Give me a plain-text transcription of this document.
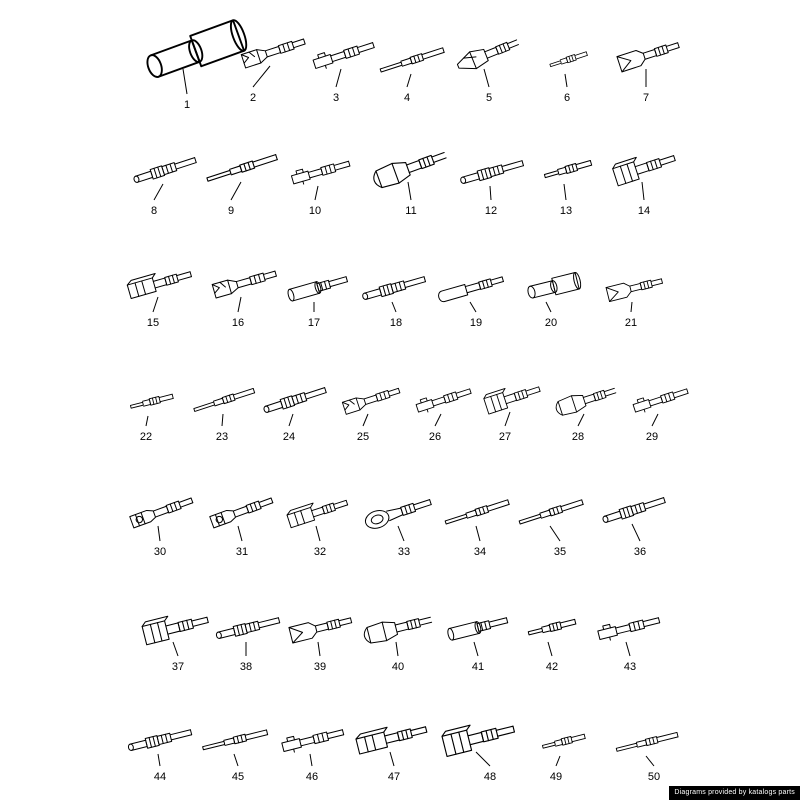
1
2	3	4	5	6	7
8	9	10	11	12	13	14
15	16	17	18	19	20	21
22	23	24	25	26	27	28	29
30	31	32	33	34	35	36
37	38	39	40	41	42	43
44	45	46	47	48	49	50
Diagrams provided by katalogs parts
